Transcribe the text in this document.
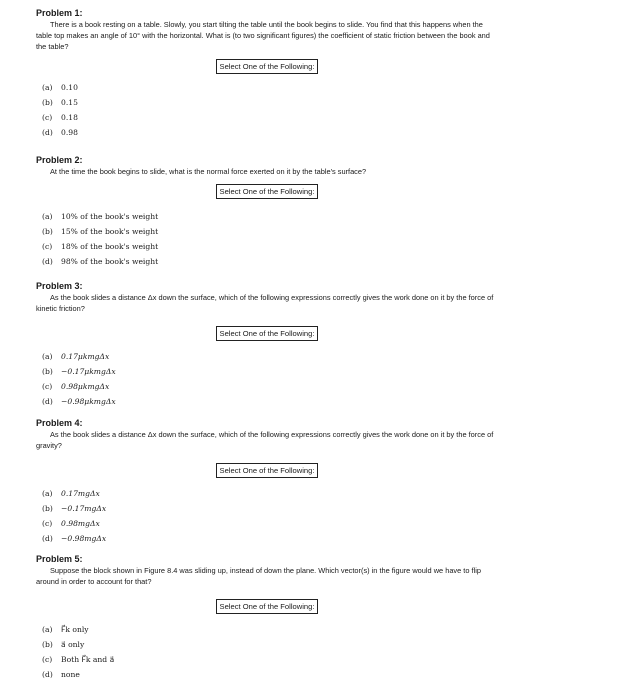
Problem 1:

There is a book resting on a table. Slowly, you start tilting the table until the book begins to slide. You find that this happens when the table top makes an angle of 10° with the horizontal. What is (to two significant figures) the coefficient of static friction between the book and the table?

Select One of the Following:
(a) 0.10
(b) 0.15
(c) 0.18
(d) 0.98
Problem 2:

At the time the book begins to slide, what is the normal force exerted on it by the table's surface?

Select One of the Following:
(a) 10% of the book's weight
(b) 15% of the book's weight
(c) 18% of the book's weight
(d) 98% of the book's weight
Problem 3:

As the book slides a distance Δx down the surface, which of the following expressions correctly gives the work done on it by the force of kinetic friction?

Select One of the Following:
(a) 0.17μkmgΔx
(b) −0.17μkmgΔx
(c) 0.98μkmgΔx
(d) −0.98μkmgΔx
Problem 4:

As the book slides a distance Δx down the surface, which of the following expressions correctly gives the work done on it by the force of gravity?

Select One of the Following:
(a) 0.17mgΔx
(b) −0.17mgΔx
(c) 0.98mgΔx
(d) −0.98mgΔx
Problem 5:

Suppose the block shown in Figure 8.4 was sliding up, instead of down the plane. Which vector(s) in the figure would we have to flip around in order to account for that?

Select One of the Following:
(a) F⃗k only
(b) a⃗ only
(c) Both F⃗k and a⃗
(d) none
